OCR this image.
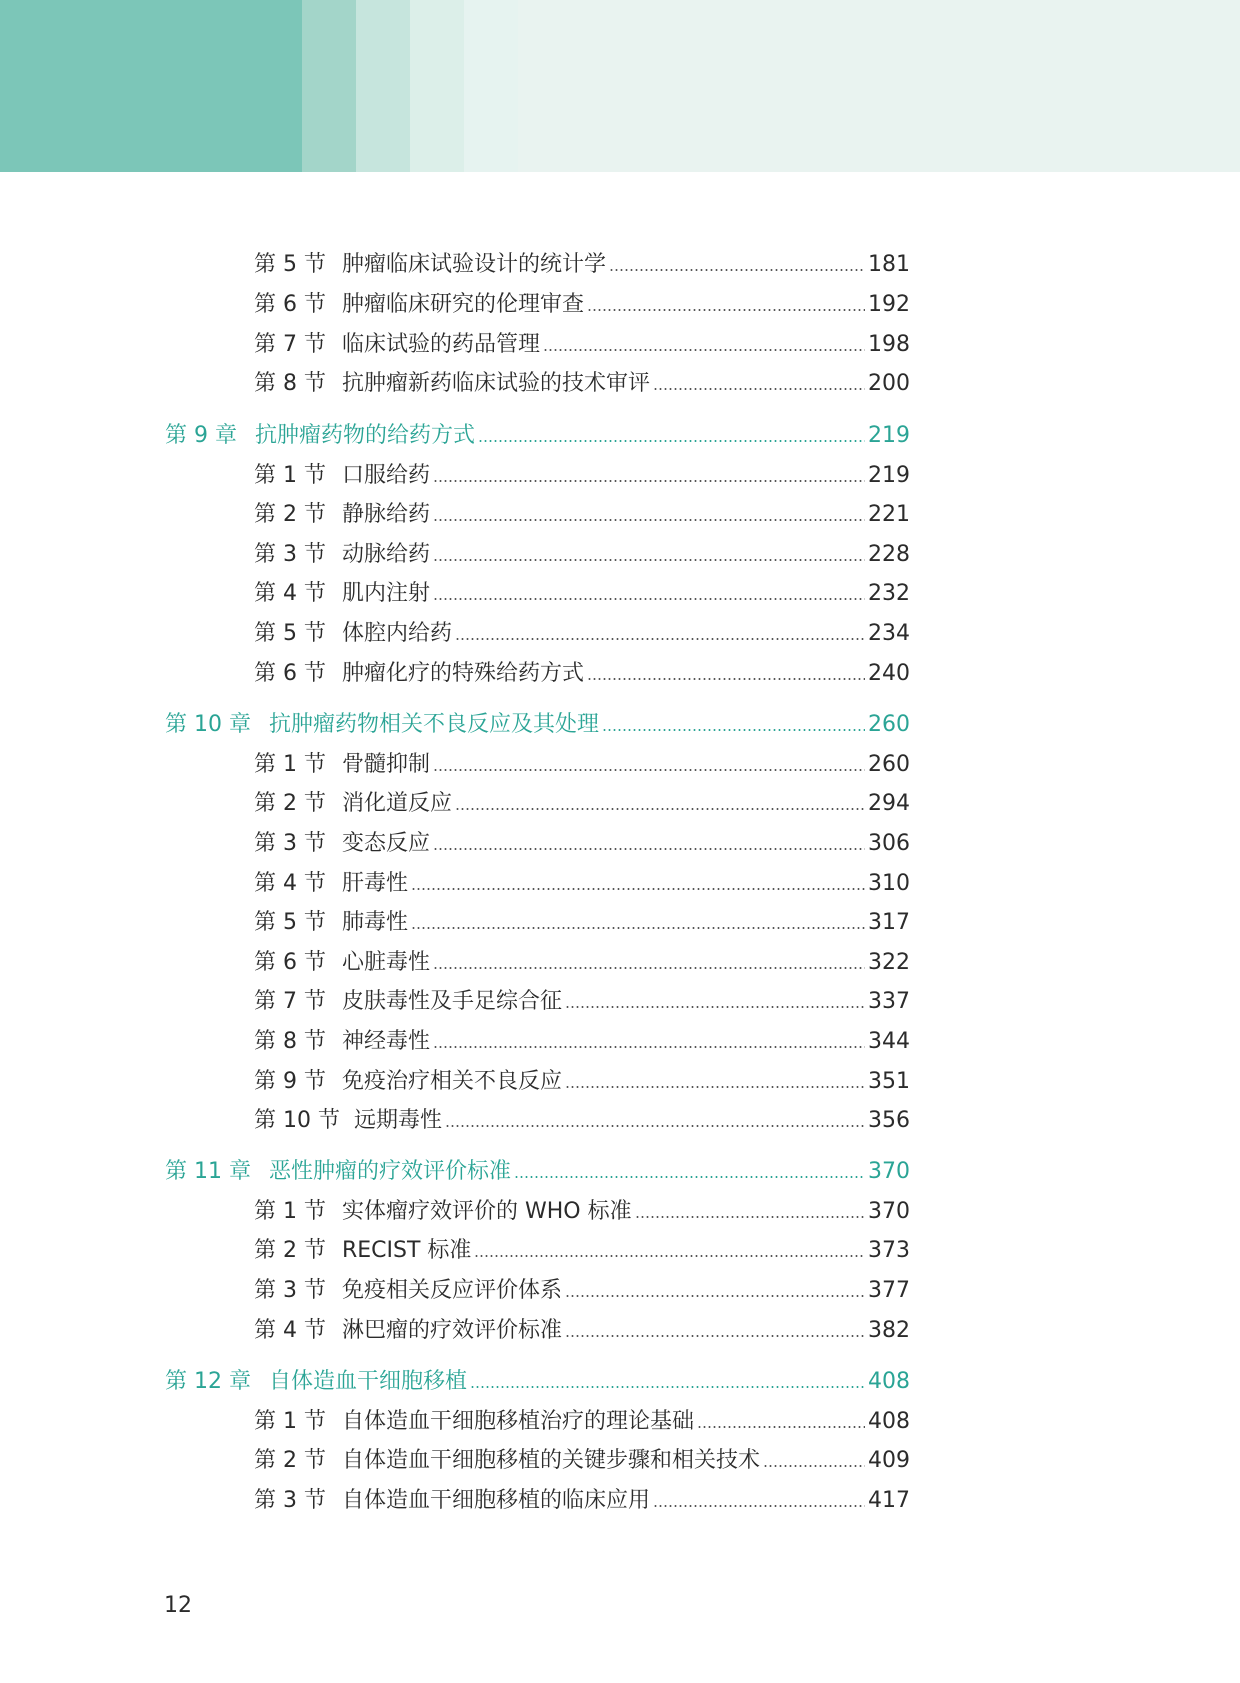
第 5 节 肿瘤临床试验设计的统计学	181
第 6 节 肿瘤临床研究的伦理审查	192
第 7 节 临床试验的药品管理	198
第 8 节 抗肿瘤新药临床试验的技术审评	200
第 9 章 抗肿瘤药物的给药方式	219
第 1 节 口服给药	219
第 2 节 静脉给药	221
第 3 节 动脉给药	228
第 4 节 肌内注射	232
第 5 节 体腔内给药	234
第 6 节 肿瘤化疗的特殊给药方式	240
第 10 章 抗肿瘤药物相关不良反应及其处理	260
第 1 节 骨髓抑制	260
第 2 节 消化道反应	294
第 3 节 变态反应	306
第 4 节 肝毒性	310
第 5 节 肺毒性	317
第 6 节 心脏毒性	322
第 7 节 皮肤毒性及手足综合征	337
第 8 节 神经毒性	344
第 9 节 免疫治疗相关不良反应	351
第 10 节 远期毒性	356
第 11 章 恶性肿瘤的疗效评价标准	370
第 1 节 实体瘤疗效评价的 WHO 标准	370
第 2 节 RECIST 标准	373
第 3 节 免疫相关反应评价体系	377
第 4 节 淋巴瘤的疗效评价标准	382
第 12 章 自体造血干细胞移植	408
第 1 节 自体造血干细胞移植治疗的理论基础	408
第 2 节 自体造血干细胞移植的关键步骤和相关技术	409
第 3 节 自体造血干细胞移植的临床应用	417
12
